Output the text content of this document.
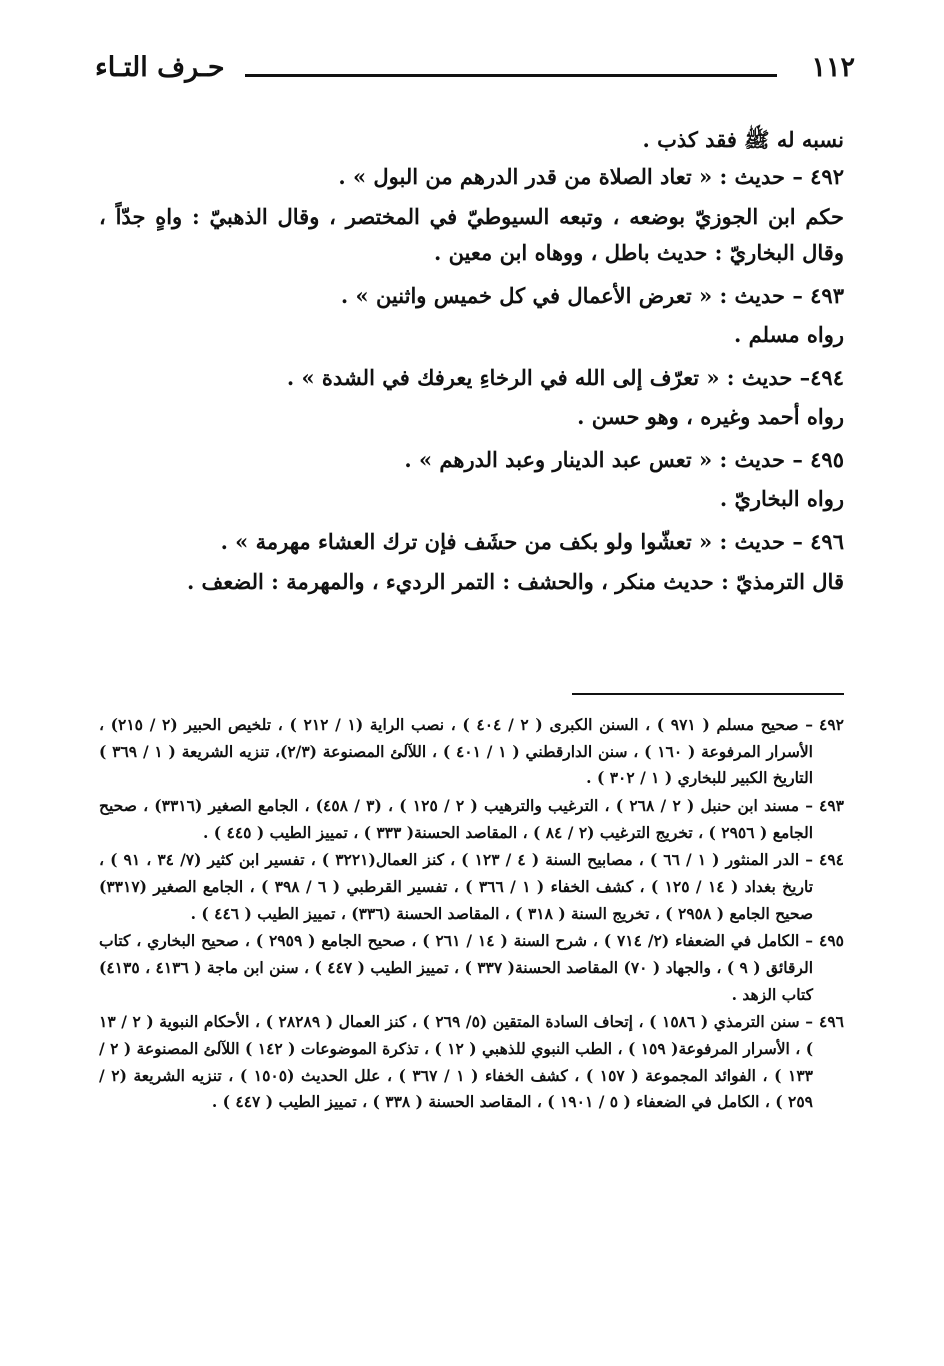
١١٢
حـرف التـاء
نسبه له ﷺ فقد كذب .
٤٩٢ – حديث : « تعاد الصلاة من قدر الدرهم من البول » .
حكم ابن الجوزيّ بوضعه ، وتبعه السيوطيّ في المختصر ، وقال الذهبيّ : واهٍ جدّاً ، وقال البخاريّ : حديث باطل ، ووهاه ابن معين .
٤٩٣ – حديث : « تعرض الأعمال في كل خميس واثنين » .
رواه مسلم .
٤٩٤– حديث : « تعرّف إلى الله في الرخاءِ يعرفك في الشدة » .
رواه أحمد وغيره ، وهو حسن .
٤٩٥ – حديث : « تعس عبد الدينار وعبد الدرهم » .
رواه البخاريّ .
٤٩٦ – حديث : « تعشّوا ولو بكف من حشَف فإن ترك العشاء مهرمة » .
قال الترمذيّ : حديث منكر ، والحشف : التمر الرديء ، والمهرمة : الضعف .
٤٩٢
– صحيح مسلم ( ٩٧١ ) ، السنن الكبرى ( ٢ / ٤٠٤ ) ، نصب الراية (١ / ٢١٢ ) ، تلخيص الحبير (٢ / ٢١٥) ، الأسرار المرفوعة ( ١٦٠ ) ، سنن الدارقطني ( ١ / ٤٠١ ) ، اللآلئ المصنوعة (٢/٣)، تنزيه الشريعة ( ١ / ٣٦٩ ) التاريخ الكبير للبخاري ( ١ / ٣٠٢ ) .
٤٩٣
– مسند ابن حنبل ( ٢ / ٢٦٨ ) ، الترغيب والترهيب ( ٢ / ١٢٥ ) ، (٣ / ٤٥٨) ، الجامع الصغير (٣٣١٦) ، صحيح الجامع ( ٢٩٥٦ ) ، تخريج الترغيب (٢ / ٨٤ ) ، المقاصد الحسنة( ٣٣٣ ) ، تمييز الطيب ( ٤٤٥ ) .
٤٩٤
– الدر المنثور ( ١ / ٦٦ ) ، مصابيح السنة ( ٤ / ١٢٣ ) ، كنز العمال(٣٢٢١ ) ، تفسير ابن كثير (٧/ ٣٤ ، ٩١ ) ، تاريخ بغداد ( ١٤ / ١٢٥ ) ، كشف الخفاء ( ١ / ٣٦٦ ) ، تفسير القرطبي ( ٦ / ٣٩٨ ) ، الجامع الصغير (٣٣١٧) صحيح الجامع ( ٢٩٥٨ ) ، تخريج السنة ( ٣١٨ ) ، المقاصد الحسنة (٣٣٦) ، تمييز الطيب ( ٤٤٦ ) .
٤٩٥
– الكامل في الضعفاء (٢/ ٧١٤ ) ، شرح السنة ( ١٤ / ٢٦١ ) ، صحيح الجامع ( ٢٩٥٩ ) ، صحيح البخاري ، كتاب الرقائق ( ٩ ) ، والجهاد ( ٧٠) المقاصد الحسنة( ٣٣٧ ) ، تمييز الطيب ( ٤٤٧ ) ، سنن ابن ماجة ( ٤١٣٦ ، ٤١٣٥) كتاب الزهد .
٤٩٦
– سنن الترمذي ( ١٥٨٦ ) ، إتحاف السادة المتقين (٥/ ٢٦٩ ) ، كنز العمال ( ٢٨٢٨٩ ) ، الأحكام النبوية ( ٢ / ١٣ ) ، الأسرار المرفوعة( ١٥٩ ) ، الطب النبوي للذهبي ( ١٢ ) ، تذكرة الموضوعات ( ١٤٢ ) اللآلئ المصنوعة ( ٢ / ١٣٣ ) ، الفوائد المجموعة ( ١٥٧ ) ، كشف الخفاء ( ١ / ٣٦٧ ) ، علل الحديث (١٥٠٥ ) ، تنزيه الشريعة (٢ / ٢٥٩ ) ، الكامل في الضعفاء ( ٥ / ١٩٠١ ) ، المقاصد الحسنة ( ٣٣٨ ) ، تمييز الطيب ( ٤٤٧ ) .
